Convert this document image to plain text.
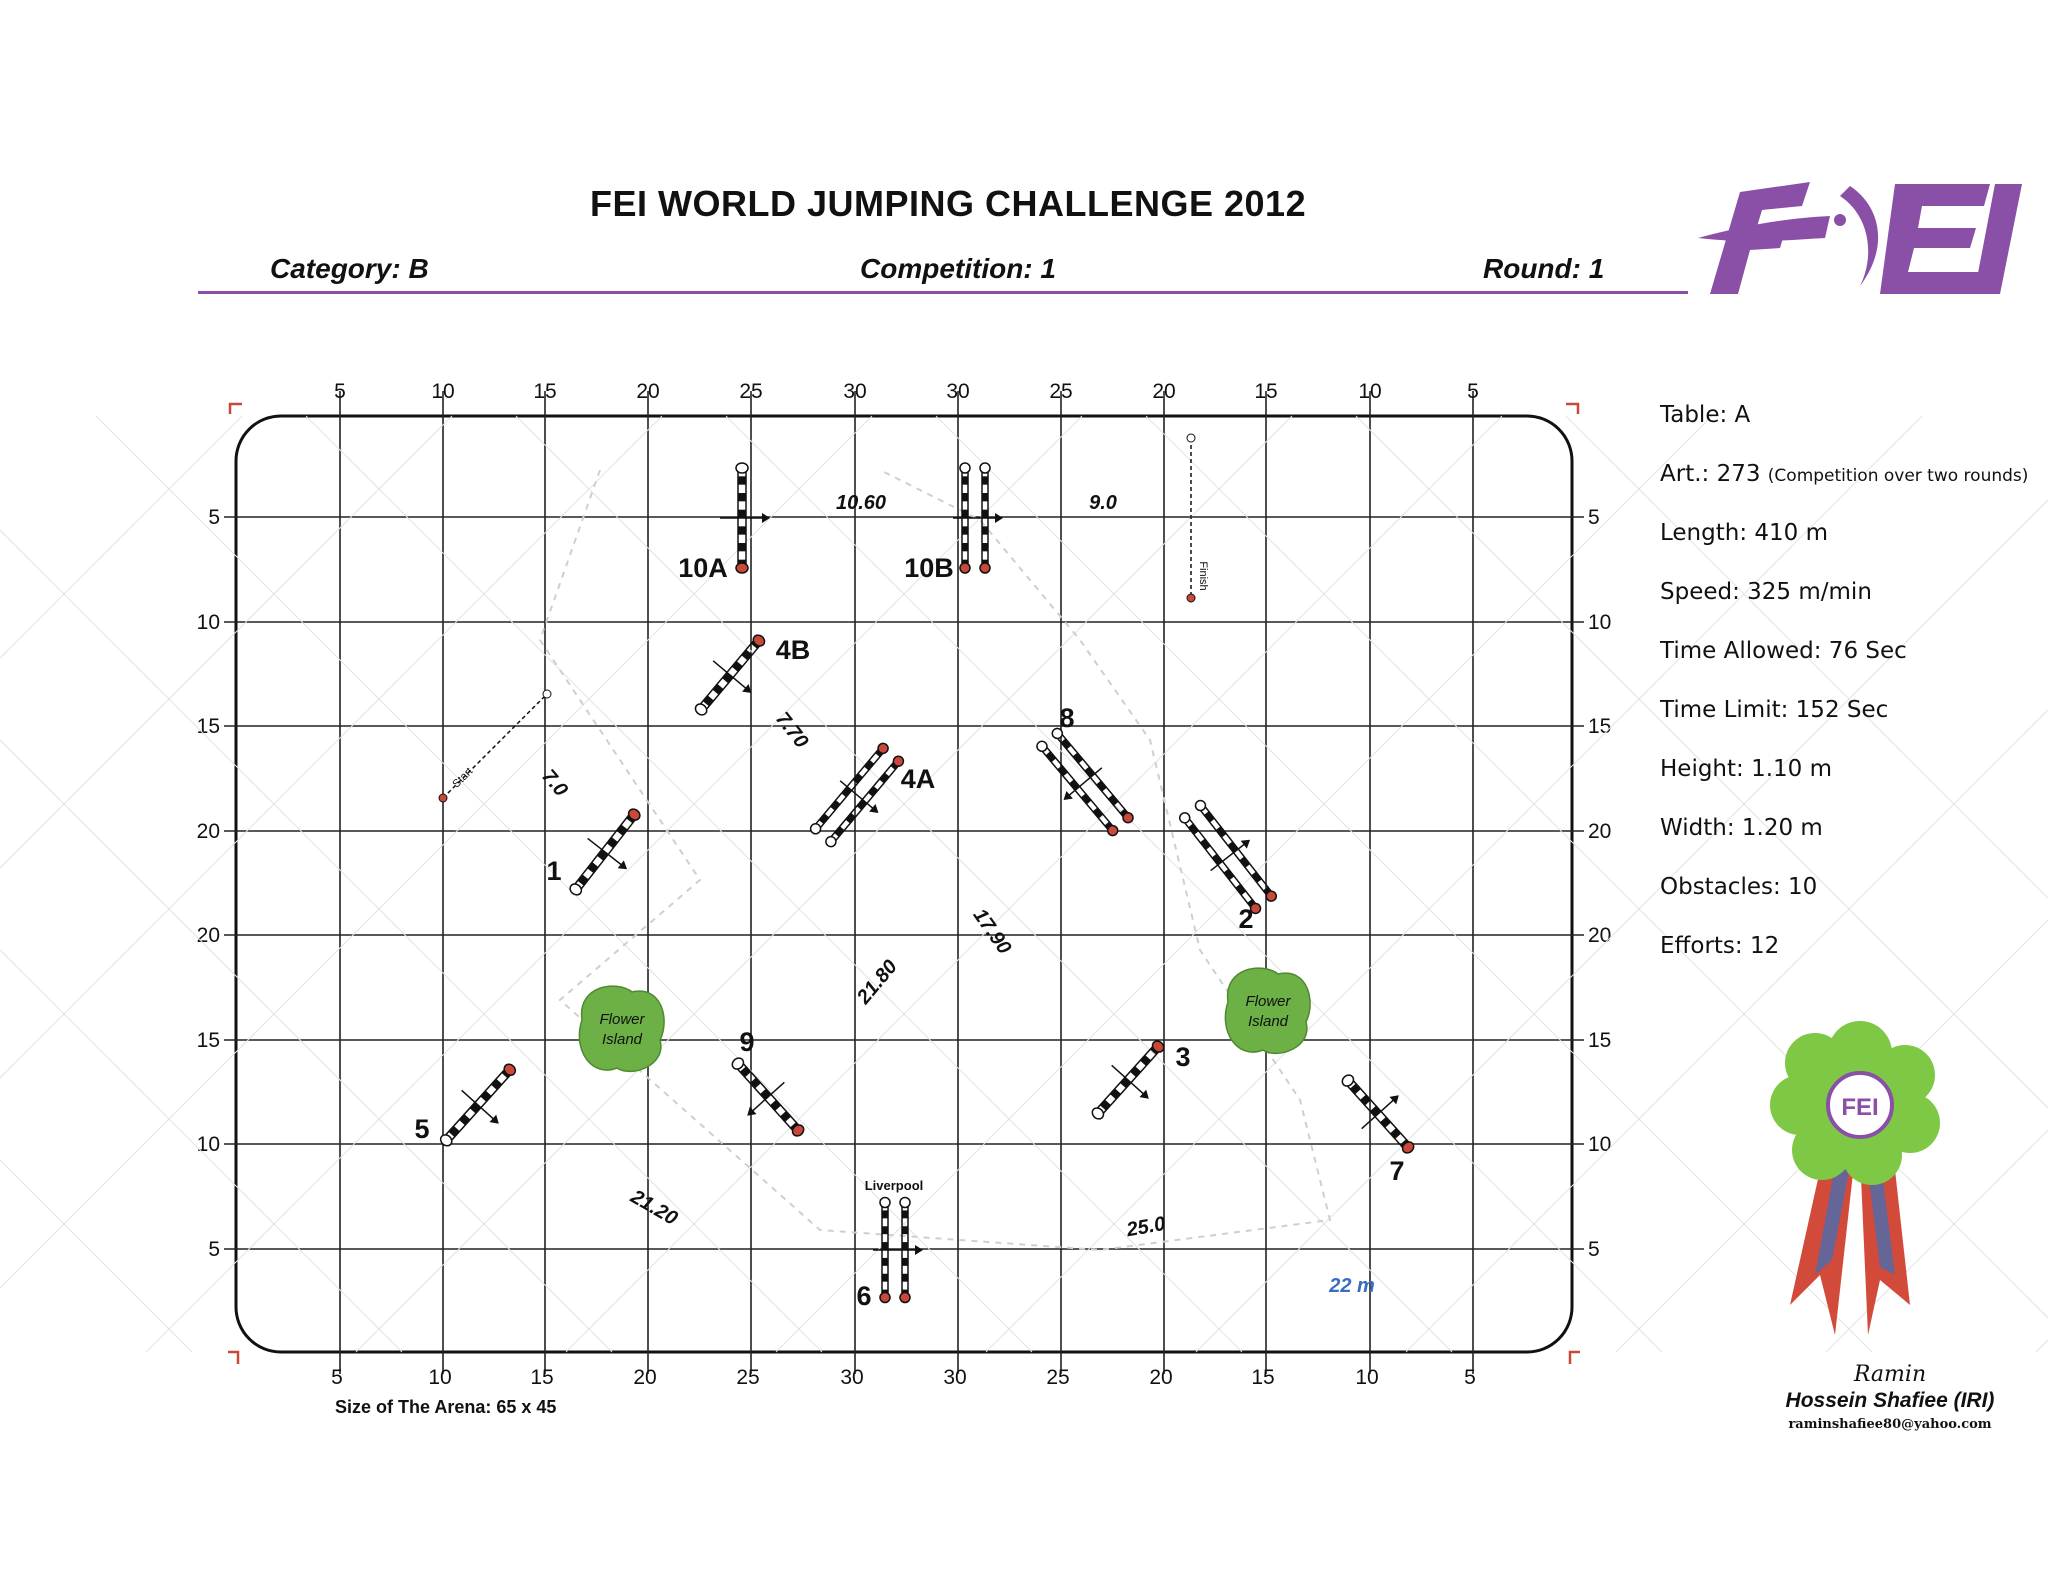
FEI WORLD JUMPING CHALLENGE 2012
Category: B	Competition: 1	Round: 1
5	10	15	20	25	30	30	25	20	15	10	5
5	10	15	20	25	30	30	25	20	15	10	5
5
10
15
20
20
15
10
5
5
10
15
20
20
15
10
5
Start
Finish
Flower
Island
Flower
Island
Liverpool
1
2
3
4A
4B
5
6
7
8
9
10A	10B
10.60	9.0
7.70
7.0
17.90
21.80
21.20	25.0
22 m
Table: A
Art.: 273 (Competition over two rounds)
Length: 410 m
Speed: 325 m/min
Time Allowed: 76 Sec
Time Limit: 152 Sec
Height: 1.10 m
Width: 1.20 m
Obstacles: 10
Efforts: 12
FEI
Ramin
Hossein Shafiee (IRI)
raminshafiee80@yahoo.com
Size of The Arena: 65 x 45
